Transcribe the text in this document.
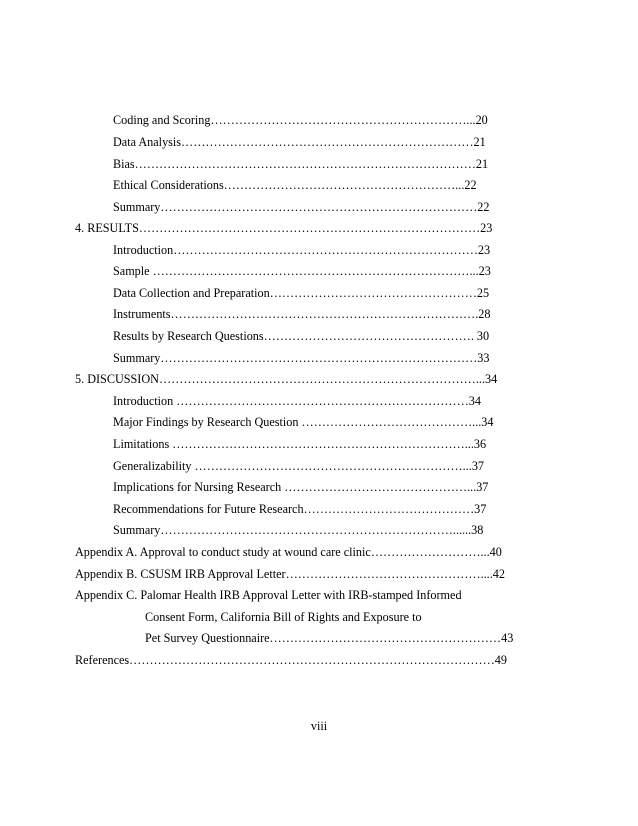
Coding and Scoring………………………………………………………...20
Data Analysis………………………………………………………………21
Bias…………………………………………………………………………21
Ethical Considerations…………………………………………………...22
Summary……………………………………………………………………22
4. RESULTS…………………………………………………………………………23
Introduction…………………………………………………………………23
Sample ……………………………………………………………………...23
Data Collection and Preparation……………………………………………25
Instruments………………………………………………………………….28
Results by Research Questions……………………………………………. 30
Summary……………………………………………………………………33
5. DISCUSSION……………………………………………………………………...34
Introduction ………………………………………………………………34
Major Findings by Research Question ……………………………………...34
Limitations ………………………………………………………………...36
Generalizability …………………………………………………………...37
Implications for Nursing Research ………………………………………...37
Recommendations for Future Research……………………………………37
Summary………………………………………………………………......38
Appendix A. Approval to conduct study at wound care clinic………………………...40
Appendix B. CSUSM IRB Approval Letter…………………………………………....42
Appendix C. Palomar Health IRB Approval Letter with IRB-stamped Informed
Consent Form, California Bill of Rights and Exposure to
Pet Survey Questionnaire…………………………………………………43
References………………………………………………………………………………49
viii
